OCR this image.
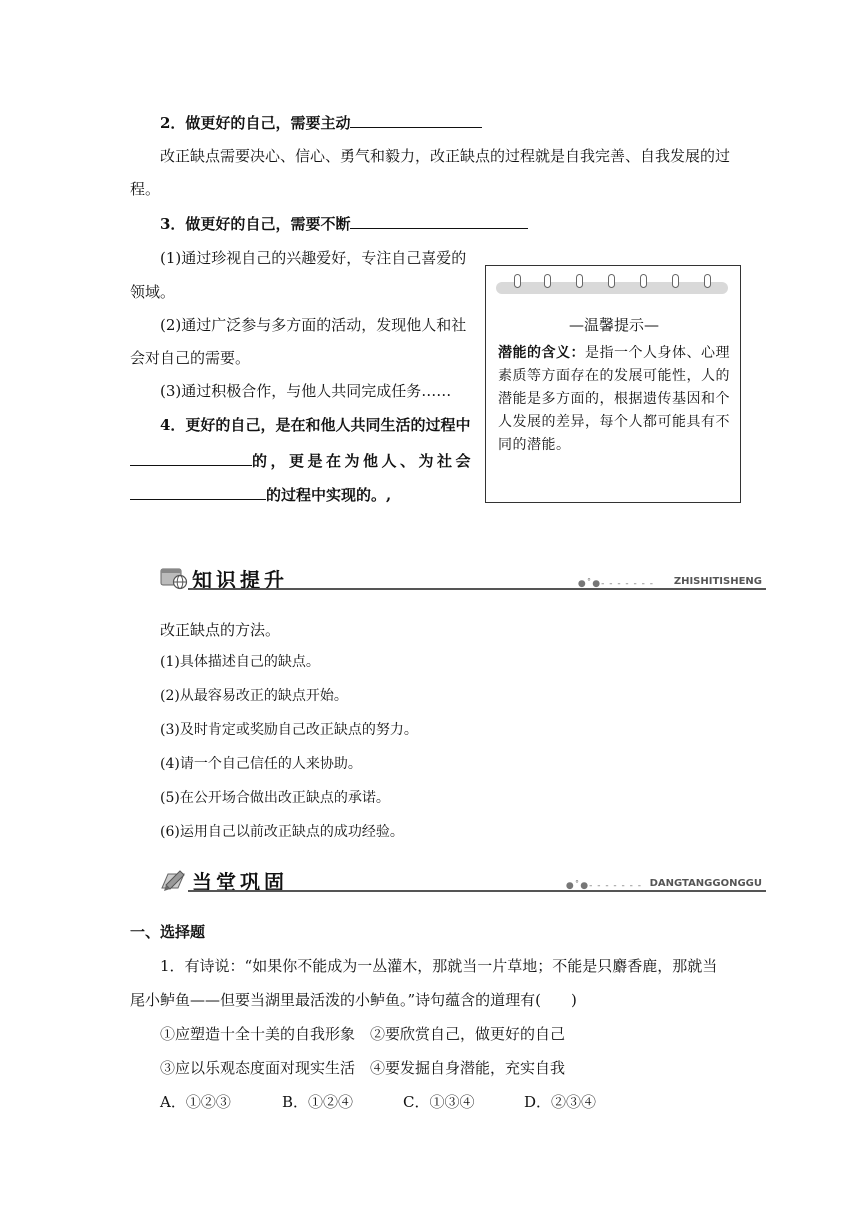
2．做更好的自己，需要主动
改正缺点需要决心、信心、勇气和毅力，改正缺点的过程就是自我完善、自我发展的过
程。
3．做更好的自己，需要不断
(1)通过珍视自己的兴趣爱好，专注自己喜爱的
领域。
(2)通过广泛参与多方面的活动，发现他人和社
会对自己的需要。
(3)通过积极合作，与他人共同完成任务……
4．更好的自己，是在和他人共同生活的过程中
的，更是在为他人、为社会
的过程中实现的。,
—温馨提示—
潜能的含义：是指一个人身体、心理素质等方面存在的发展可能性，人的潜能是多方面的，根据遗传基因和个人发展的差异，每个人都可能具有不同的潜能。
知识提升	●˚●- - - - - - - ZHISHITISHENG
改正缺点的方法。
(1)具体描述自己的缺点。
(2)从最容易改正的缺点开始。
(3)及时肯定或奖励自己改正缺点的努力。
(4)请一个自己信任的人来协助。
(5)在公开场合做出改正缺点的承诺。
(6)运用自己以前改正缺点的成功经验。
当堂巩固	●˚●- - - - - - - DANGTANGGONGGU
一、选择题
1．有诗说：“如果你不能成为一丛灌木，那就当一片草地；不能是只麝香鹿，那就当
尾小鲈鱼——但要当湖里最活泼的小鲈鱼。”诗句蕴含的道理有(　　)
①应塑造十全十美的自我形象　②要欣赏自己，做更好的自己
③应以乐观态度面对现实生活　④要发掘自身潜能，充实自我
A．①②③	B．①②④	C．①③④	D．②③④
